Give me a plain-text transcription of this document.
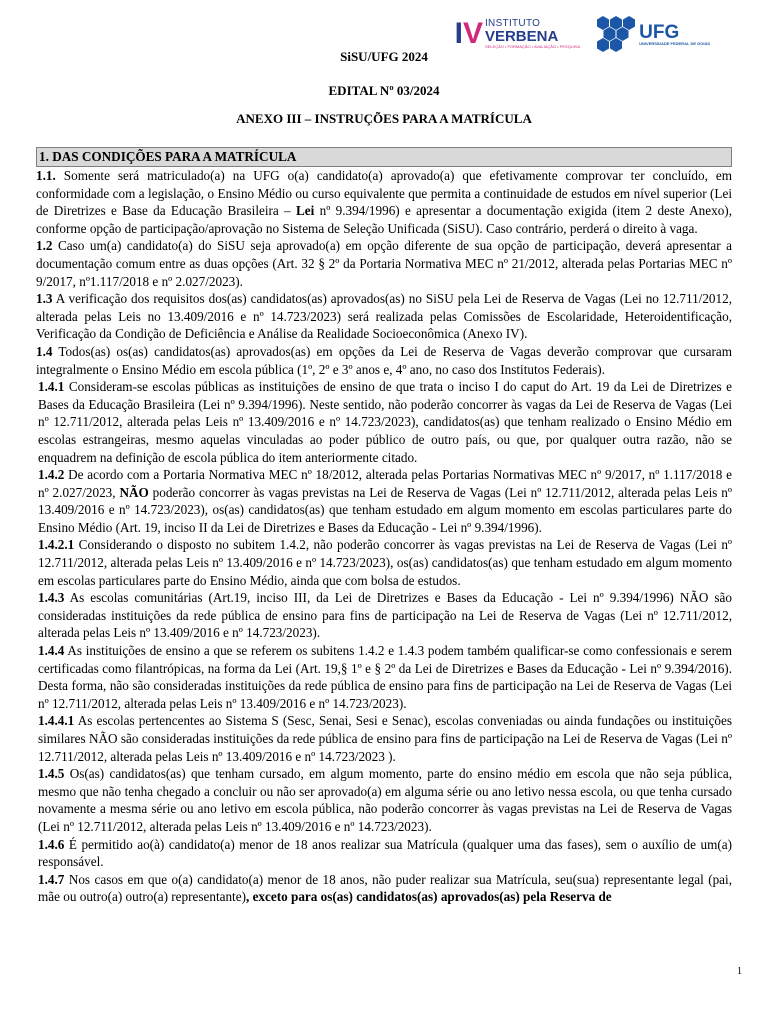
I V INSTITUTO
VERBENA
SELEÇÃO • FORMAÇÃO • AVALIAÇÃO • PESQUISA
UFG
UNIVERSIDADE FEDERAL DE GOIÁS
SiSU/UFG 2024
EDITAL Nº 03/2024
ANEXO III – INSTRUÇÕES PARA A MATRÍCULA
1. DAS CONDIÇÕES PARA A MATRÍCULA

1.1. Somente será matriculado(a) na UFG o(a) candidato(a) aprovado(a) que efetivamente comprovar ter concluído, em conformidade com a legislação, o Ensino Médio ou curso equivalente que permita a continuidade de estudos em nível superior (Lei de Diretrizes e Base da Educação Brasileira – Lei nº 9.394/1996) e apresentar a documentação exigida (item 2 deste Anexo), conforme opção de participação/aprovação no Sistema de Seleção Unificada (SiSU). Caso contrário, perderá o direito à vaga.

1.2 Caso um(a) candidato(a) do SiSU seja aprovado(a) em opção diferente de sua opção de participação, deverá apresentar a documentação comum entre as duas opções (Art. 32 § 2º da Portaria Normativa MEC nº 21/2012, alterada pelas Portarias MEC nº 9/2017, nº1.117/2018 e nº 2.027/2023).

1.3 A verificação dos requisitos dos(as) candidatos(as) aprovados(as) no SiSU pela Lei de Reserva de Vagas (Lei no 12.711/2012, alterada pelas Leis no 13.409/2016 e nº 14.723/2023) será realizada pelas Comissões de Escolaridade, Heteroidentificação, Verificação da Condição de Deficiência e Análise da Realidade Socioeconômica (Anexo IV).

1.4 Todos(as) os(as) candidatos(as) aprovados(as) em opções da Lei de Reserva de Vagas deverão comprovar que cursaram integralmente o Ensino Médio em escola pública (1º, 2º e 3º anos e, 4º ano, no caso dos Institutos Federais).

1.4.1 Consideram-se escolas públicas as instituições de ensino de que trata o inciso I do caput do Art. 19 da Lei de Diretrizes e Bases da Educação Brasileira (Lei nº 9.394/1996). Neste sentido, não poderão concorrer às vagas da Lei de Reserva de Vagas (Lei nº 12.711/2012, alterada pelas Leis nº 13.409/2016 e nº 14.723/2023), candidatos(as) que tenham realizado o Ensino Médio em escolas estrangeiras, mesmo aquelas vinculadas ao poder público de outro país, ou que, por qualquer outra razão, não se enquadrem na definição de escola pública do item anteriormente citado.

1.4.2 De acordo com a Portaria Normativa MEC nº 18/2012, alterada pelas Portarias Normativas MEC nº 9/2017, nº 1.117/2018 e nº 2.027/2023, NÃO poderão concorrer às vagas previstas na Lei de Reserva de Vagas (Lei nº 12.711/2012, alterada pelas Leis nº 13.409/2016 e nº 14.723/2023), os(as) candidatos(as) que tenham estudado em algum momento em escolas particulares parte do Ensino Médio (Art. 19, inciso II da Lei de Diretrizes e Bases da Educação - Lei nº 9.394/1996).

1.4.2.1 Considerando o disposto no subitem 1.4.2, não poderão concorrer às vagas previstas na Lei de Reserva de Vagas (Lei nº 12.711/2012, alterada pelas Leis nº 13.409/2016 e nº 14.723/2023), os(as) candidatos(as) que tenham estudado em algum momento em escolas particulares parte do Ensino Médio, ainda que com bolsa de estudos.

1.4.3 As escolas comunitárias (Art.19, inciso III, da Lei de Diretrizes e Bases da Educação - Lei nº 9.394/1996) NÃO são consideradas instituições da rede pública de ensino para fins de participação na Lei de Reserva de Vagas (Lei nº 12.711/2012, alterada pelas Leis nº 13.409/2016 e nº 14.723/2023).

1.4.4 As instituições de ensino a que se referem os subitens 1.4.2 e 1.4.3 podem também qualificar-se como confessionais e serem certificadas como filantrópicas, na forma da Lei (Art. 19,§ 1º e § 2º da Lei de Diretrizes e Bases da Educação - Lei nº 9.394/2016). Desta forma, não são consideradas instituições da rede pública de ensino para fins de participação na Lei de Reserva de Vagas (Lei nº 12.711/2012, alterada pelas Leis nº 13.409/2016 e nº 14.723/2023).

1.4.4.1 As escolas pertencentes ao Sistema S (Sesc, Senai, Sesi e Senac), escolas conveniadas ou ainda fundações ou instituições similares NÃO são consideradas instituições da rede pública de ensino para fins de participação na Lei de Reserva de Vagas (Lei nº 12.711/2012, alterada pelas Leis nº 13.409/2016 e nº 14.723/2023 ).

1.4.5 Os(as) candidatos(as) que tenham cursado, em algum momento, parte do ensino médio em escola que não seja pública, mesmo que não tenha chegado a concluir ou não ser aprovado(a) em alguma série ou ano letivo nessa escola, ou que tenha cursado novamente a mesma série ou ano letivo em escola pública, não poderão concorrer às vagas previstas na Lei de Reserva de Vagas (Lei nº 12.711/2012, alterada pelas Leis nº 13.409/2016 e nº 14.723/2023).

1.4.6 É permitido ao(à) candidato(a) menor de 18 anos realizar sua Matrícula (qualquer uma das fases), sem o auxílio de um(a) responsável.

1.4.7 Nos casos em que o(a) candidato(a) menor de 18 anos, não puder realizar sua Matrícula, seu(sua) representante legal (pai, mãe ou outro(a) outro(a) representante), exceto para os(as) candidatos(as) aprovados(as) pela Reserva de

1
